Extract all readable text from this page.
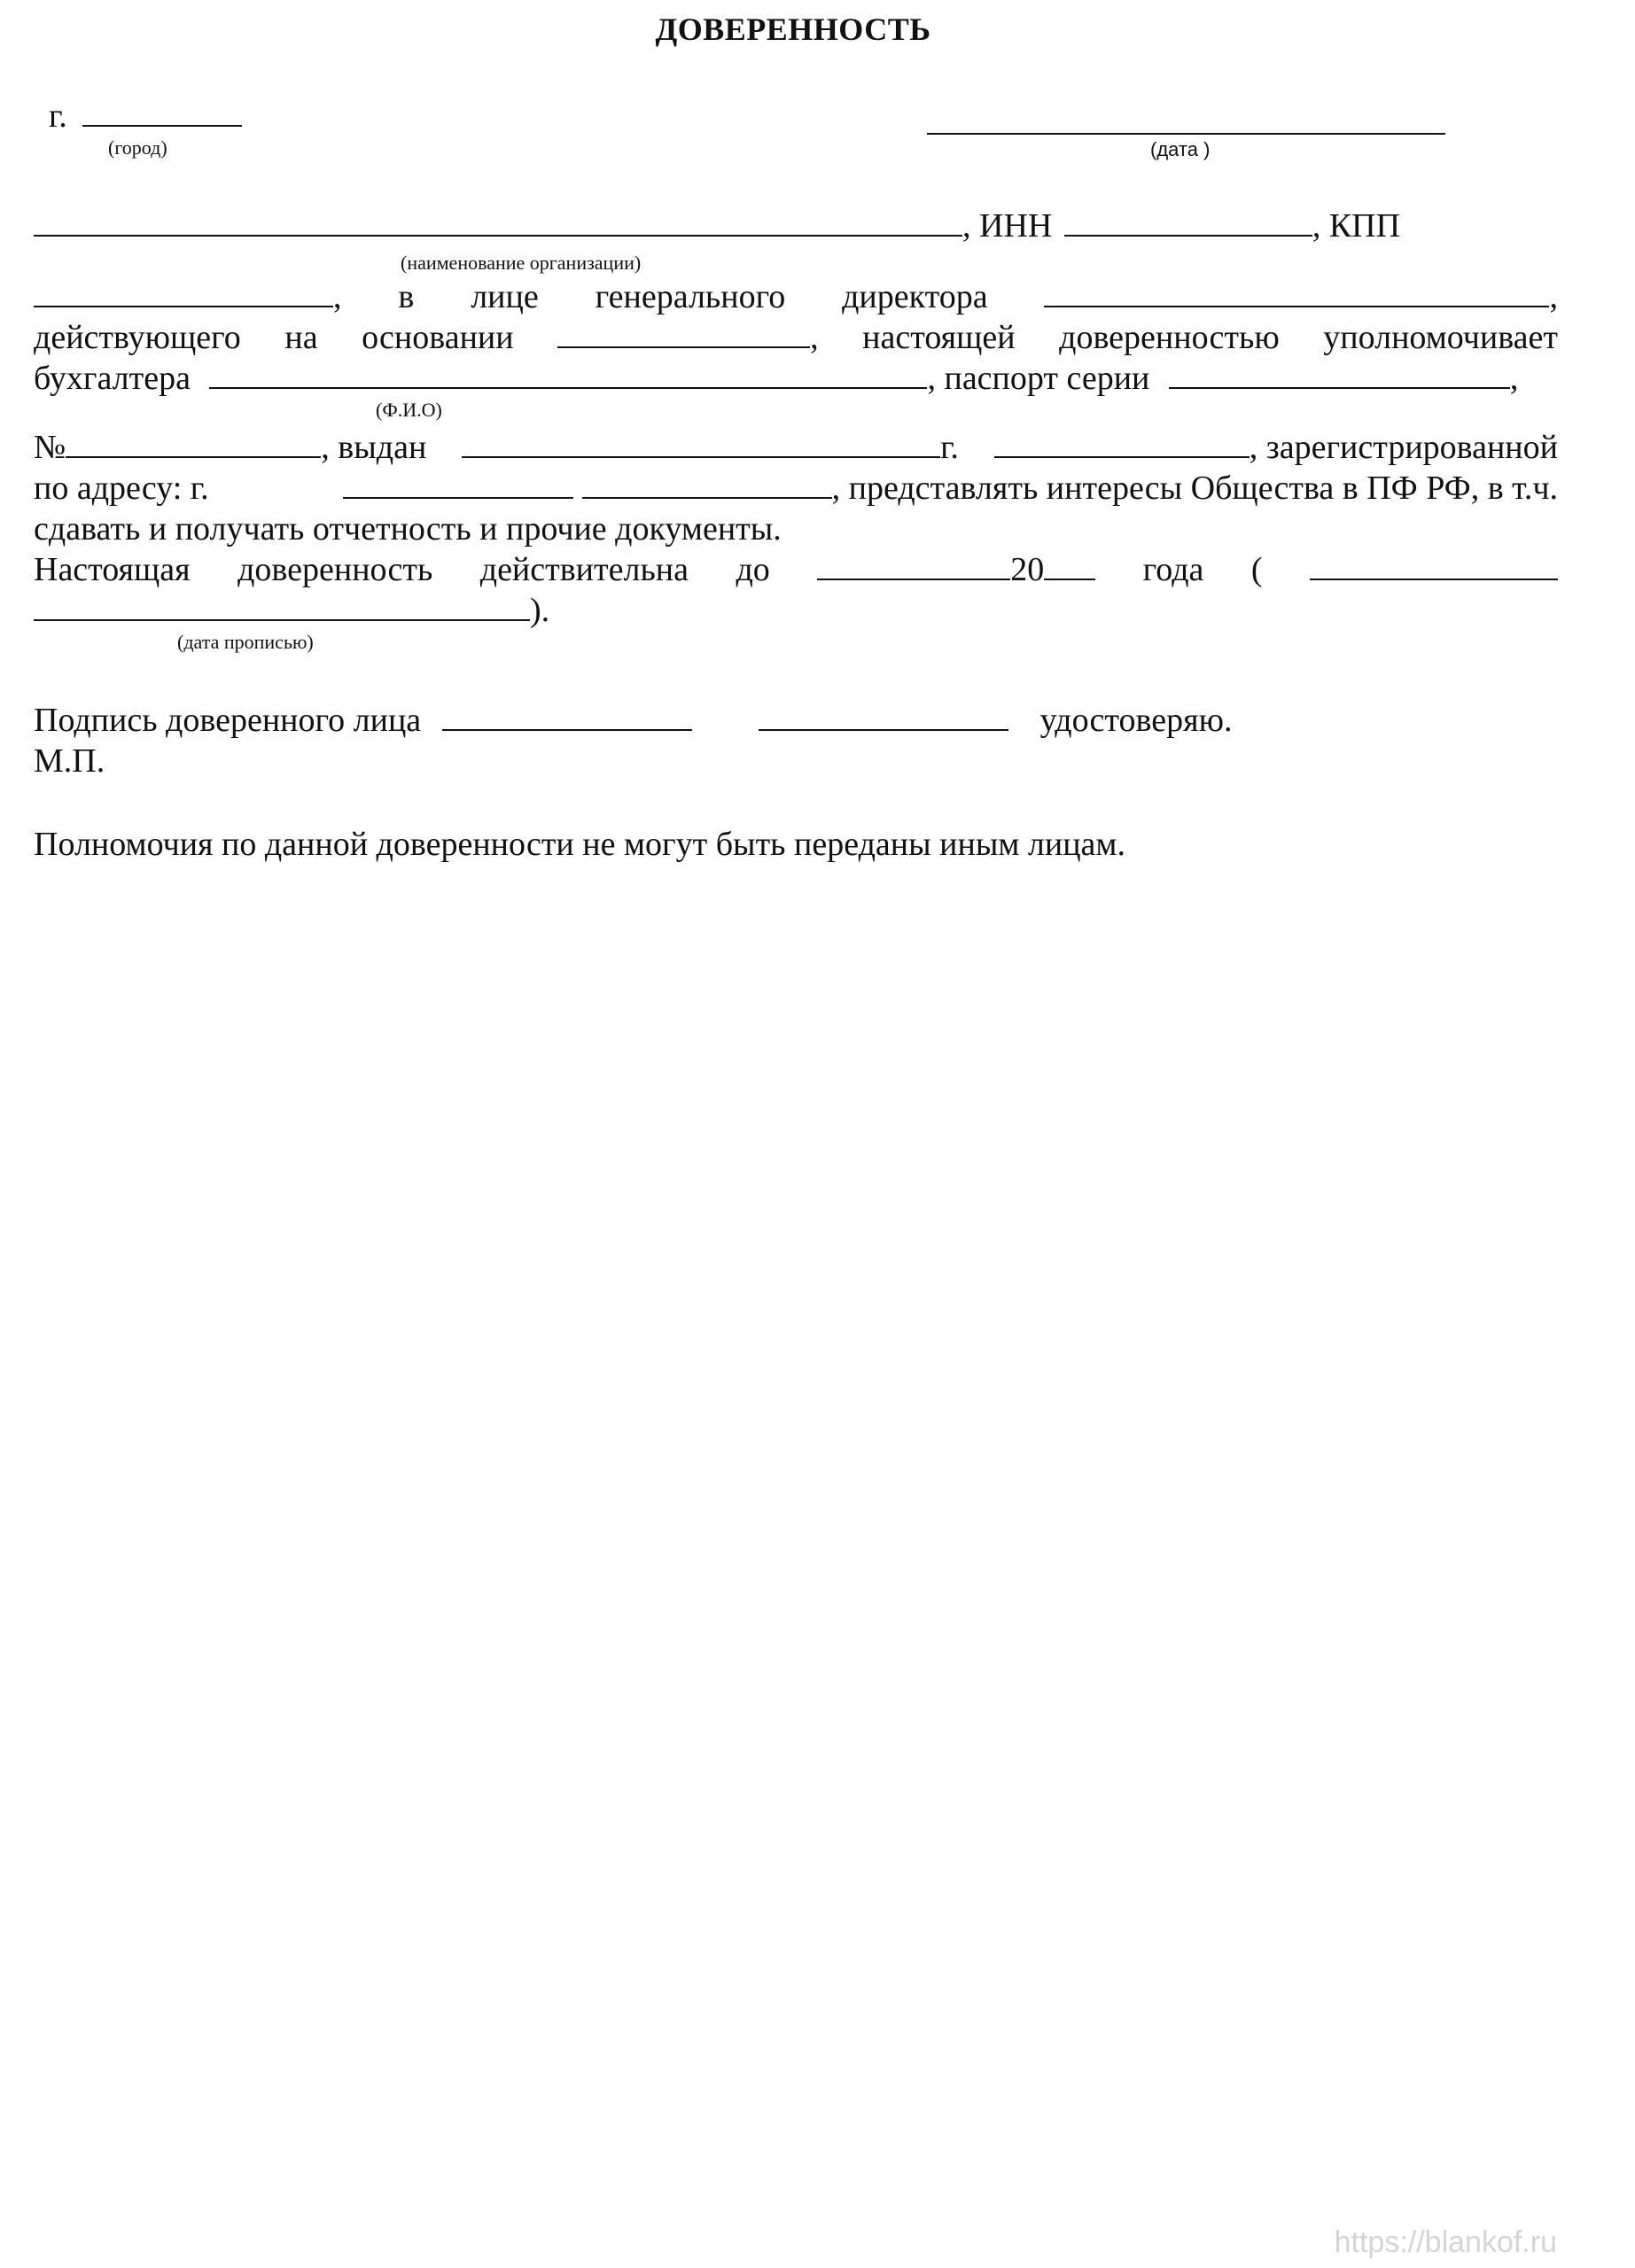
ДОВЕРЕННОСТЬ
г.
(город)	(дата )
, ИНН	, КПП
(наименование организации)
, в лице генерального директора	,
действующего на основании	, настоящей доверенностью уполномочивает
бухгалтера	, паспорт серии	,
(Ф.И.О)
№	, выдан	г.	, зарегистрированной
по адресу: г.	, представлять интересы Общества в ПФ РФ, в т.ч.
сдавать и получать отчетность и прочие документы.
Настоящая доверенность действительна до	20	года (
).
(дата прописью)
Подпись доверенного лица	удостоверяю.
М.П.
Полномочия по данной доверенности не могут быть переданы иным лицам.
https://blankof.ru
